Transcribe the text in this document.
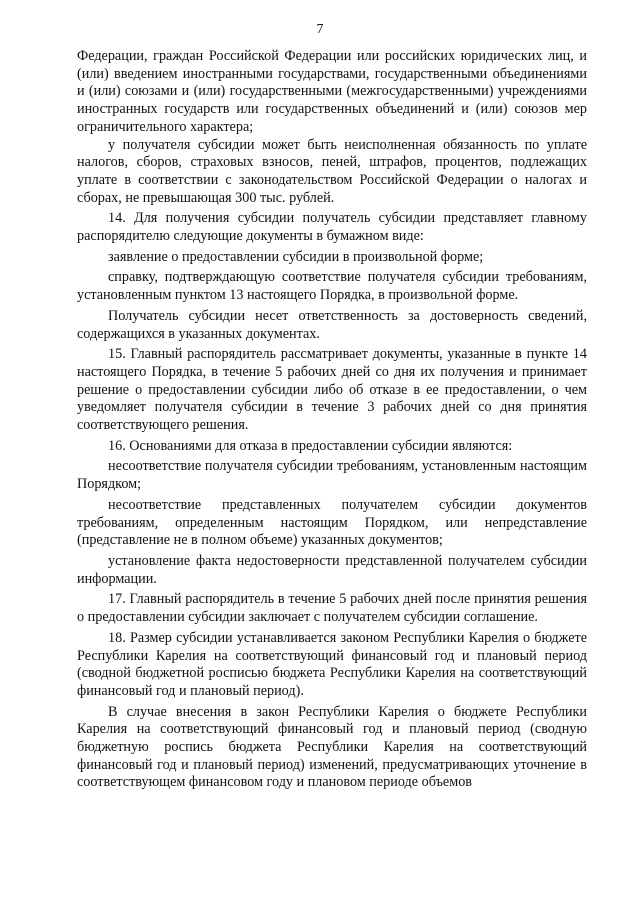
7

Федерации, граждан Российской Федерации или российских юридических лиц, и (или) введением иностранными государствами, государственными объединениями и (или) союзами и (или) государственными (межгосударственными) учреждениями иностранных государств или государственных объединений и (или) союзов мер ограничительного характера;

у получателя субсидии может быть неисполненная обязанность по уплате налогов, сборов, страховых взносов, пеней, штрафов, процентов, подлежащих уплате в соответствии с законодательством Российской Федерации о налогах и сборах, не превышающая 300 тыс. рублей.

14. Для получения субсидии получатель субсидии представляет главному распорядителю следующие документы в бумажном виде:

заявление о предоставлении субсидии в произвольной форме;

справку, подтверждающую соответствие получателя субсидии требованиям, установленным пунктом 13 настоящего Порядка, в произвольной форме.

Получатель субсидии несет ответственность за достоверность сведений, содержащихся в указанных документах.

15. Главный распорядитель рассматривает документы, указанные в пункте 14 настоящего Порядка, в течение 5 рабочих дней со дня их получения и принимает решение о предоставлении субсидии либо об отказе в ее предоставлении, о чем уведомляет получателя субсидии в течение 3 рабочих дней со дня принятия соответствующего решения.

16. Основаниями для отказа в предоставлении субсидии являются:

несоответствие получателя субсидии требованиям, установленным настоящим Порядком;

несоответствие представленных получателем субсидии документов требованиям, определенным настоящим Порядком, или непредставление (представление не в полном объеме) указанных документов;

установление факта недостоверности представленной получателем субсидии информации.

17. Главный распорядитель в течение 5 рабочих дней после принятия решения о предоставлении субсидии заключает с получателем субсидии соглашение.

18. Размер субсидии устанавливается законом Республики Карелия о бюджете Республики Карелия на соответствующий финансовый год и плановый период (сводной бюджетной росписью бюджета Республики Карелия на соответствующий финансовый год и плановый период).

В случае внесения в закон Республики Карелия о бюджете Республики Карелия на соответствующий финансовый год и плановый период (сводную бюджетную роспись бюджета Республики Карелия на соответствующий финансовый год и плановый период) изменений, предусматривающих уточнение в соответствующем финансовом году и плановом периоде объемов
